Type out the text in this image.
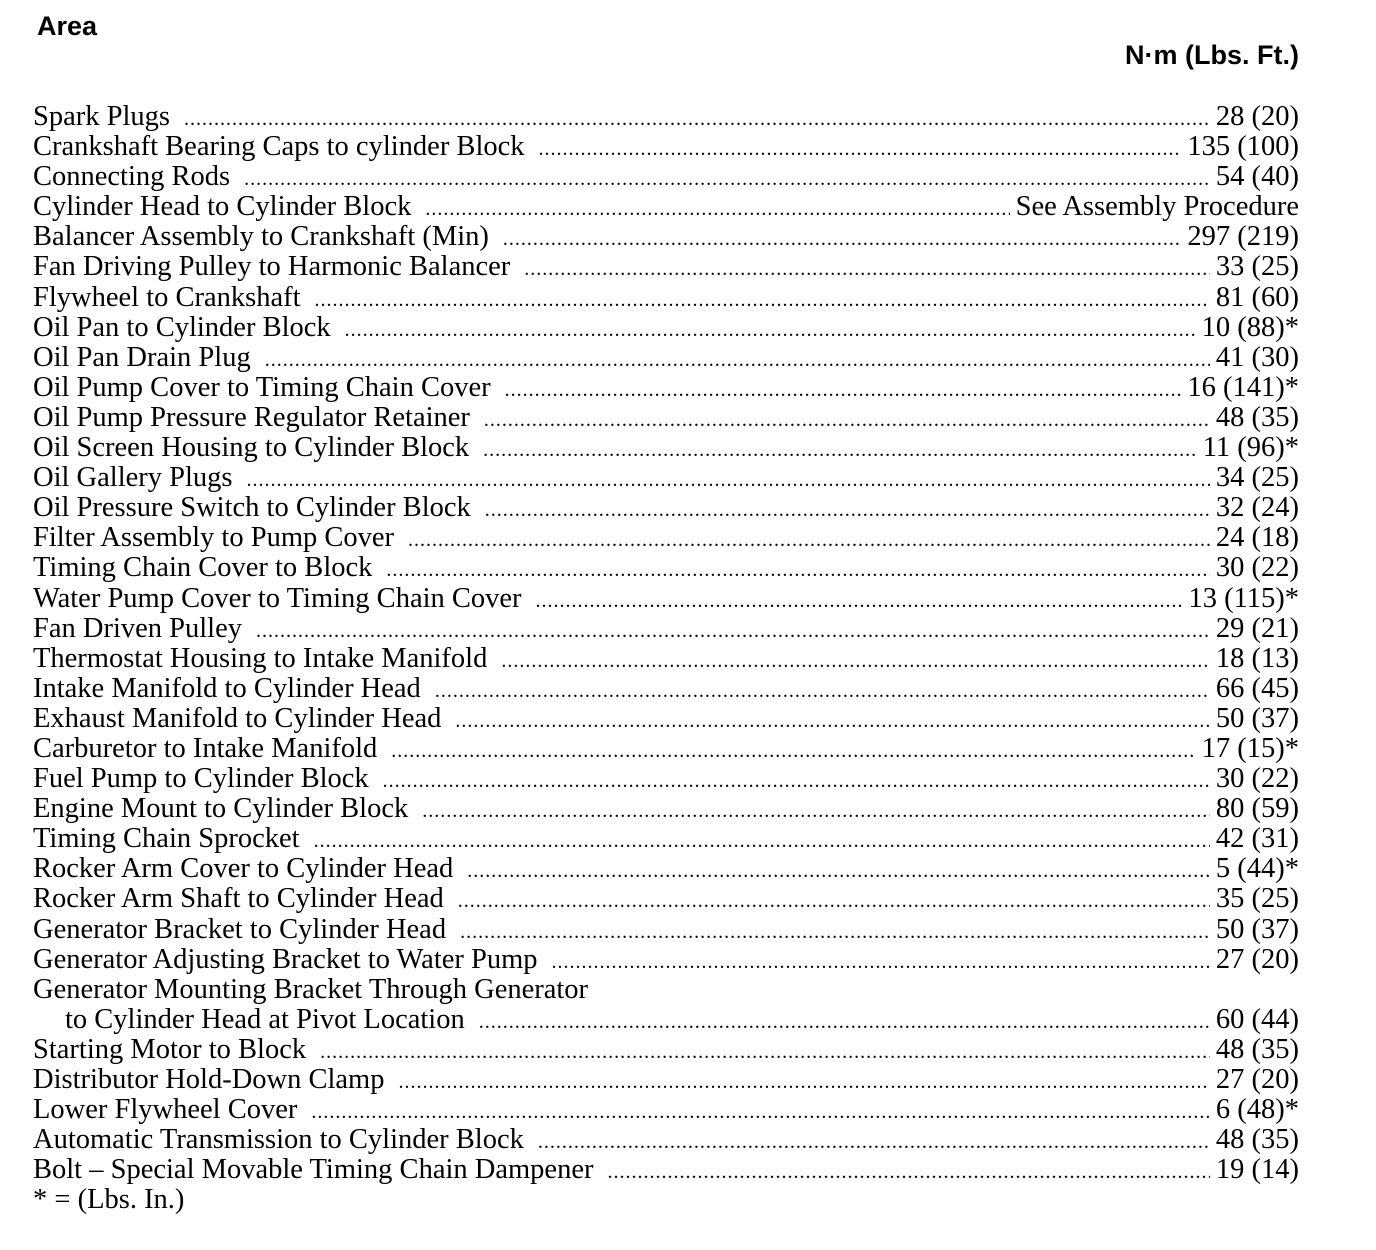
Area
N·m (Lbs. Ft.)
Spark Plugs .....	28 (20)
Crankshaft Bearing Caps to cylinder Block .....	135 (100)
Connecting Rods .....	54 (40)
Cylinder Head to Cylinder Block .....	See Assembly Procedure
Balancer Assembly to Crankshaft (Min) .....	297 (219)
Fan Driving Pulley to Harmonic Balancer .....	33 (25)
Flywheel to Crankshaft .....	81 (60)
Oil Pan to Cylinder Block .....	10 (88)*
Oil Pan Drain Plug .....	41 (30)
Oil Pump Cover to Timing Chain Cover .....	16 (141)*
Oil Pump Pressure Regulator Retainer .....	48 (35)
Oil Screen Housing to Cylinder Block .....	11 (96)*
Oil Gallery Plugs .....	34 (25)
Oil Pressure Switch to Cylinder Block .....	32 (24)
Filter Assembly to Pump Cover .....	24 (18)
Timing Chain Cover to Block .....	30 (22)
Water Pump Cover to Timing Chain Cover .....	13 (115)*
Fan Driven Pulley .....	29 (21)
Thermostat Housing to Intake Manifold .....	18 (13)
Intake Manifold to Cylinder Head .....	66 (45)
Exhaust Manifold to Cylinder Head .....	50 (37)
Carburetor to Intake Manifold .....	17 (15)*
Fuel Pump to Cylinder Block .....	30 (22)
Engine Mount to Cylinder Block .....	80 (59)
Timing Chain Sprocket .....	42 (31)
Rocker Arm Cover to Cylinder Head .....	5 (44)*
Rocker Arm Shaft to Cylinder Head .....	35 (25)
Generator Bracket to Cylinder Head .....	50 (37)
Generator Adjusting Bracket to Water Pump .....	27 (20)
Generator Mounting Bracket Through Generator
to Cylinder Head at Pivot Location .....	60 (44)
Starting Motor to Block .....	48 (35)
Distributor Hold-Down Clamp .....	27 (20)
Lower Flywheel Cover .....	6 (48)*
Automatic Transmission to Cylinder Block .....	48 (35)
Bolt – Special Movable Timing Chain Dampener .....	19 (14)
* = (Lbs. In.)
